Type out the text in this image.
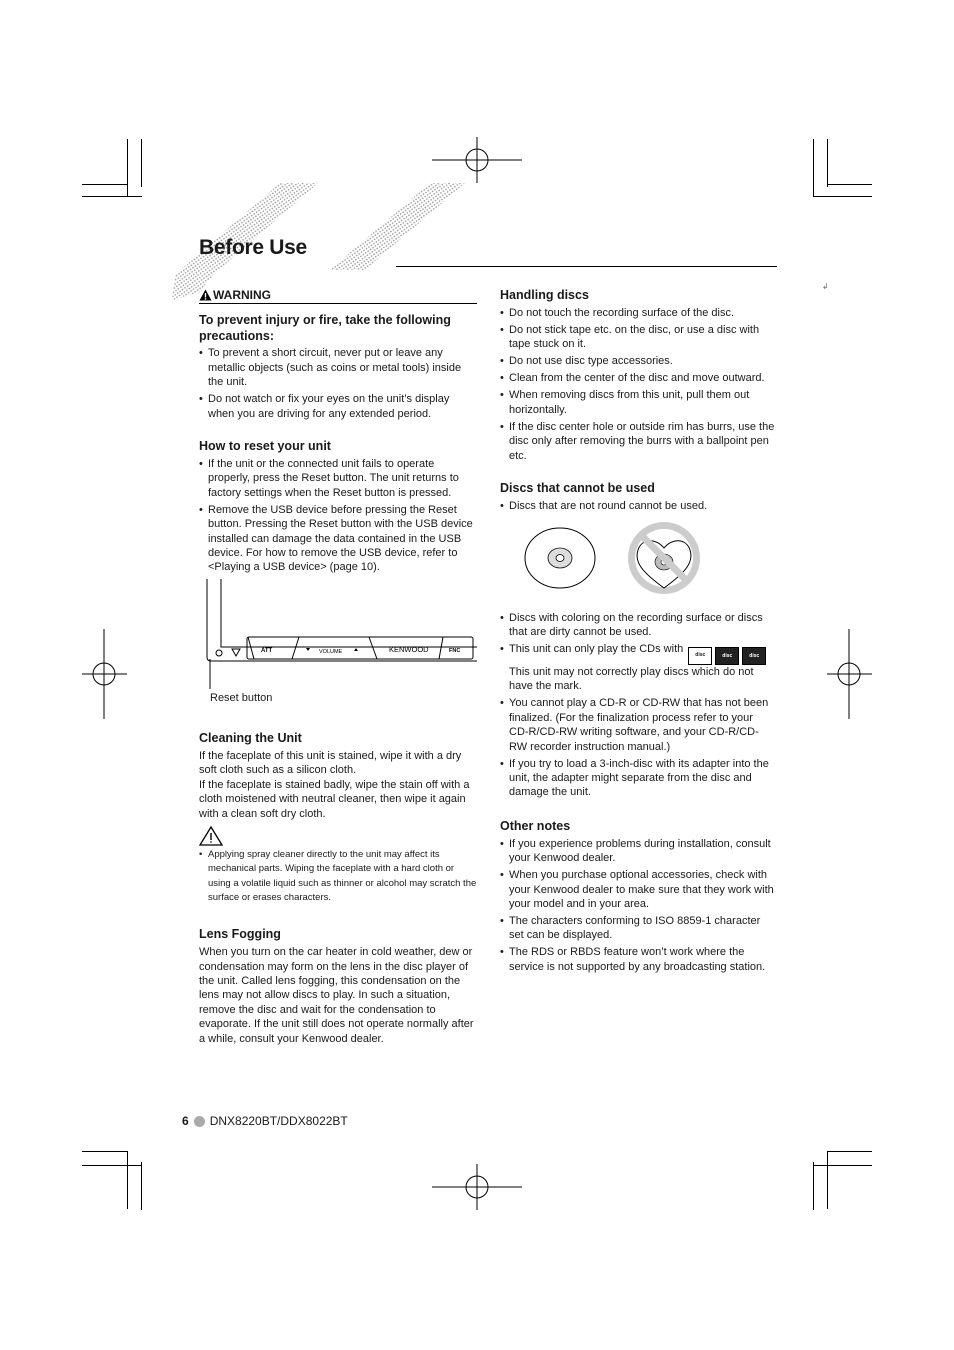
Before Use
↲
WARNING
To prevent injury or fire, take the following precautions:
• To prevent a short circuit, never put or leave any metallic objects (such as coins or metal tools) inside the unit.
• Do not watch or fix your eyes on the unit’s display when you are driving for any extended period.
How to reset your unit
• If the unit or the connected unit fails to operate properly, press the Reset button. The unit returns to factory settings when the Reset button is pressed.
• Remove the USB device before pressing the Reset button. Pressing the Reset button with the USB device installed can damage the data contained in the USB device. For how to remove the USB device, refer to <Playing a USB device> (page 10).
ATT	VOLUME	KENWOOD	FNC
Reset button
Cleaning the Unit

If the faceplate of this unit is stained, wipe it with a dry soft cloth such as a silicon cloth.

If the faceplate is stained badly, wipe the stain off with a cloth moistened with neutral cleaner, then wipe it again with a clean soft dry cloth.

• Applying spray cleaner directly to the unit may affect its mechanical parts. Wiping the faceplate with a hard cloth or using a volatile liquid such as thinner or alcohol may scratch the surface or erases characters.
Lens Fogging

When you turn on the car heater in cold weather, dew or condensation may form on the lens in the disc player of the unit. Called lens fogging, this condensation on the lens may not allow discs to play. In such a situation, remove the disc and wait for the condensation to evaporate. If the unit still does not operate normally after a while, consult your Kenwood dealer.

Handling discs
• Do not touch the recording surface of the disc.
• Do not stick tape etc. on the disc, or use a disc with tape stuck on it.
• Do not use disc type accessories.
• Clean from the center of the disc and move outward.
• When removing discs from this unit, pull them out horizontally.
• If the disc center hole or outside rim has burrs, use the disc only after removing the burrs with a ballpoint pen etc.
Discs that cannot be used
• Discs that are not round cannot be used.
• Discs with coloring on the recording surface or discs that are dirty cannot be used.
• This unit can only play the CDs with disc	disc	disc

This unit may not correctly play discs which do not have the mark.
• You cannot play a CD-R or CD-RW that has not been finalized. (For the finalization process refer to your CD-R/CD-RW writing software, and your CD-R/CD-RW recorder instruction manual.)
• If you try to load a 3-inch-disc with its adapter into the unit, the adapter might separate from the disc and damage the unit.
Other notes
• If you experience problems during installation, consult your Kenwood dealer.
• When you purchase optional accessories, check with your Kenwood dealer to make sure that they work with your model and in your area.
• The characters conforming to ISO 8859-1 character set can be displayed.
• The RDS or RBDS feature won’t work where the service is not supported by any broadcasting station.
6 DNX8220BT/DDX8022BT
